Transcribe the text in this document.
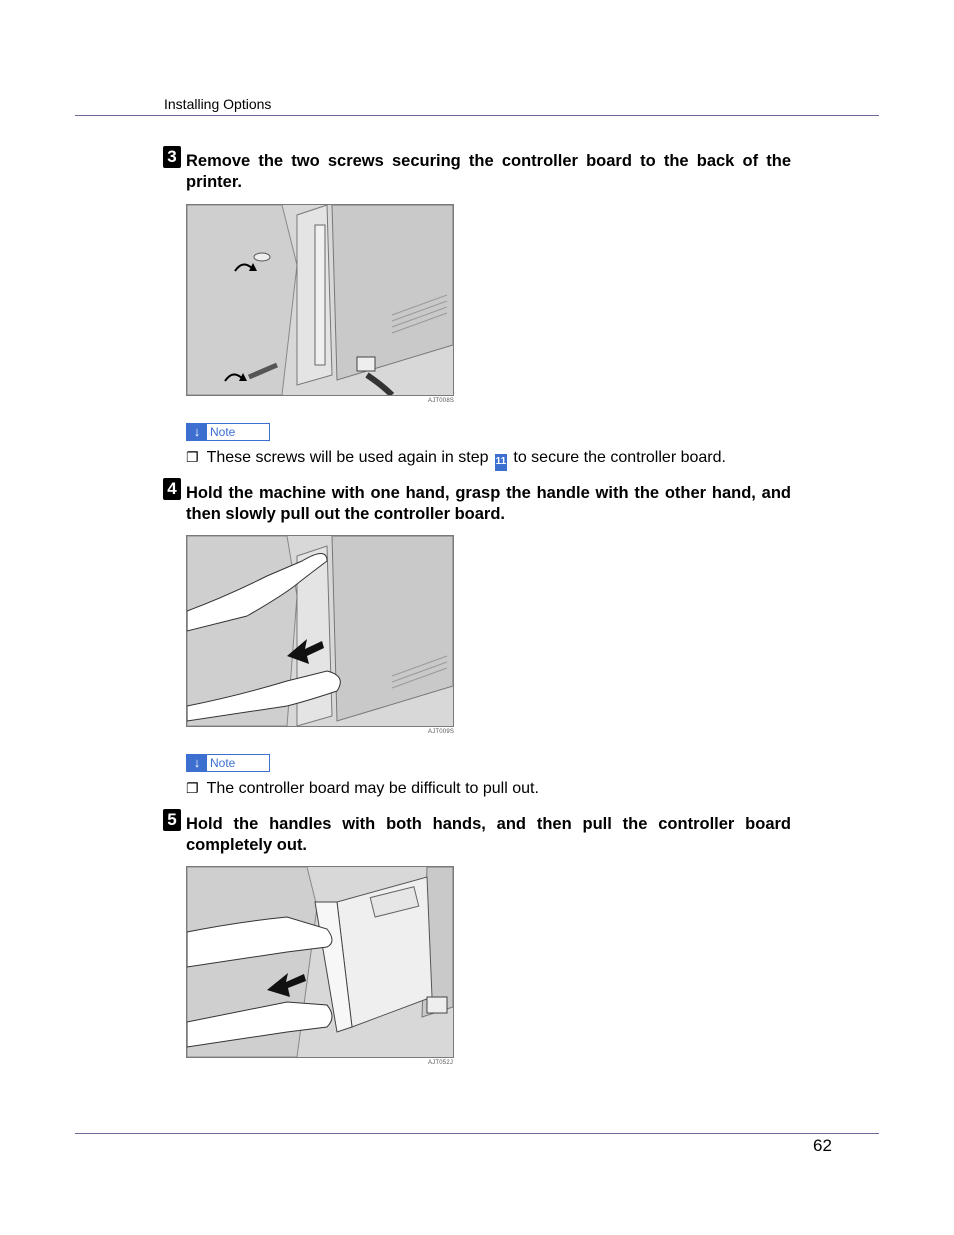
Installing Options
3 Remove the two screws securing the controller board to the back of the printer.
AJT008S
↓ Note
❐ These screws will be used again in step 11 to secure the controller board.
4 Hold the machine with one hand, grasp the handle with the other hand, and then slowly pull out the controller board.
AJT009S
↓ Note
❐ The controller board may be difficult to pull out.
5 Hold the handles with both hands, and then pull the controller board completely out.
AJT052J
62
